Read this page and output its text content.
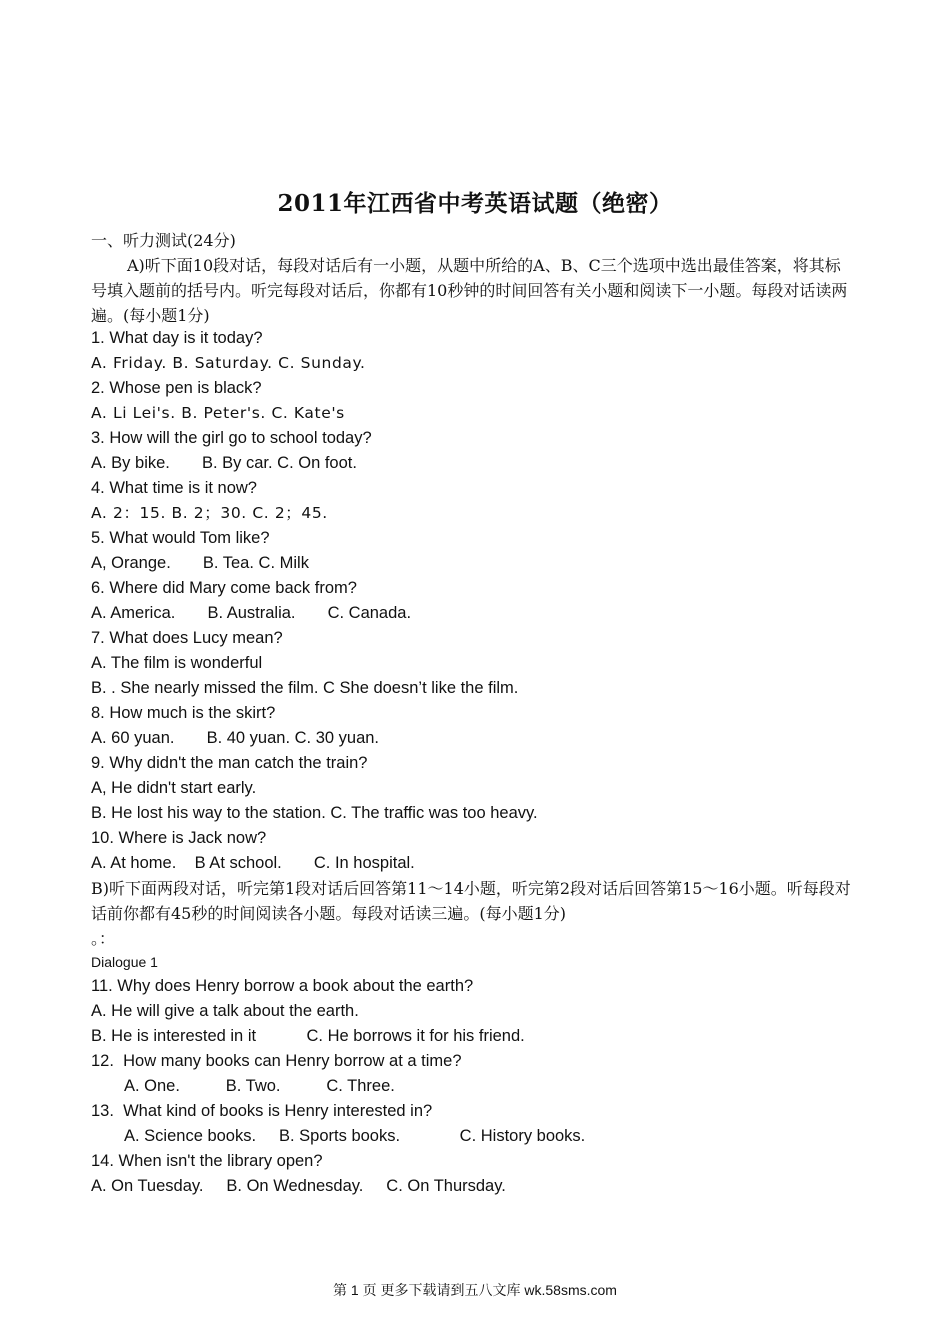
2011年江西省中考英语试题（绝密）
一、听力测试(24分)
A)听下面10段对话，每段对话后有一小题，从题中所给的A、B、C三个选项中选出最佳答案，将其标号填入题前的括号内。听完每段对话后，你都有10秒钟的时间回答有关小题和阅读下一小题。每段对话读两遍。(每小题1分)
1. What day is it today?
A. Friday. B. Saturday. C. Sunday.
2. Whose pen is black?
A. Li Lei's. B. Peter's. C. Kate's
3. How will the girl go to school today?
A. By bike.       B. By car. C. On foot.
4. What time is it now?
A. 2：15. B. 2；30. C. 2；45.
5. What would Tom like?
A, Orange.       B. Tea. C. Milk
6. Where did Mary come back from?
A. America.       B. Australia.       C. Canada.
7. What does Lucy mean?
A. The film is wonderful
B. . She nearly missed the film. C She doesn’t like the film.
8. How much is the skirt?
A. 60 yuan.       B. 40 yuan. C. 30 yuan.
9. Why didn't the man catch the train?
A, He didn't start early.
B. He lost his way to the station. C. The traffic was too heavy.
10. Where is Jack now?
A. At home.    B At school.       C. In hospital.
B)听下面两段对话，听完第1段对话后回答第11～14小题，听完第2段对话后回答第15～16小题。听每段对话前你都有45秒的时间阅读各小题。每段对话读三遍。(每小题1分)
。：
Dialogue 1
11. Why does Henry borrow a book about the earth?
A. He will give a talk about the earth.
B. He is interested in it           C. He borrows it for his friend.
12.  How many books can Henry borrow at a time?
A. One.          B. Two.          C. Three.
13.  What kind of books is Henry interested in?
A. Science books.     B. Sports books.             C. History books.
14. When isn't the library open?
A. On Tuesday.     B. On Wednesday.     C. On Thursday.
第 1 页 更多下载请到五八文库 wk.58sms.com
